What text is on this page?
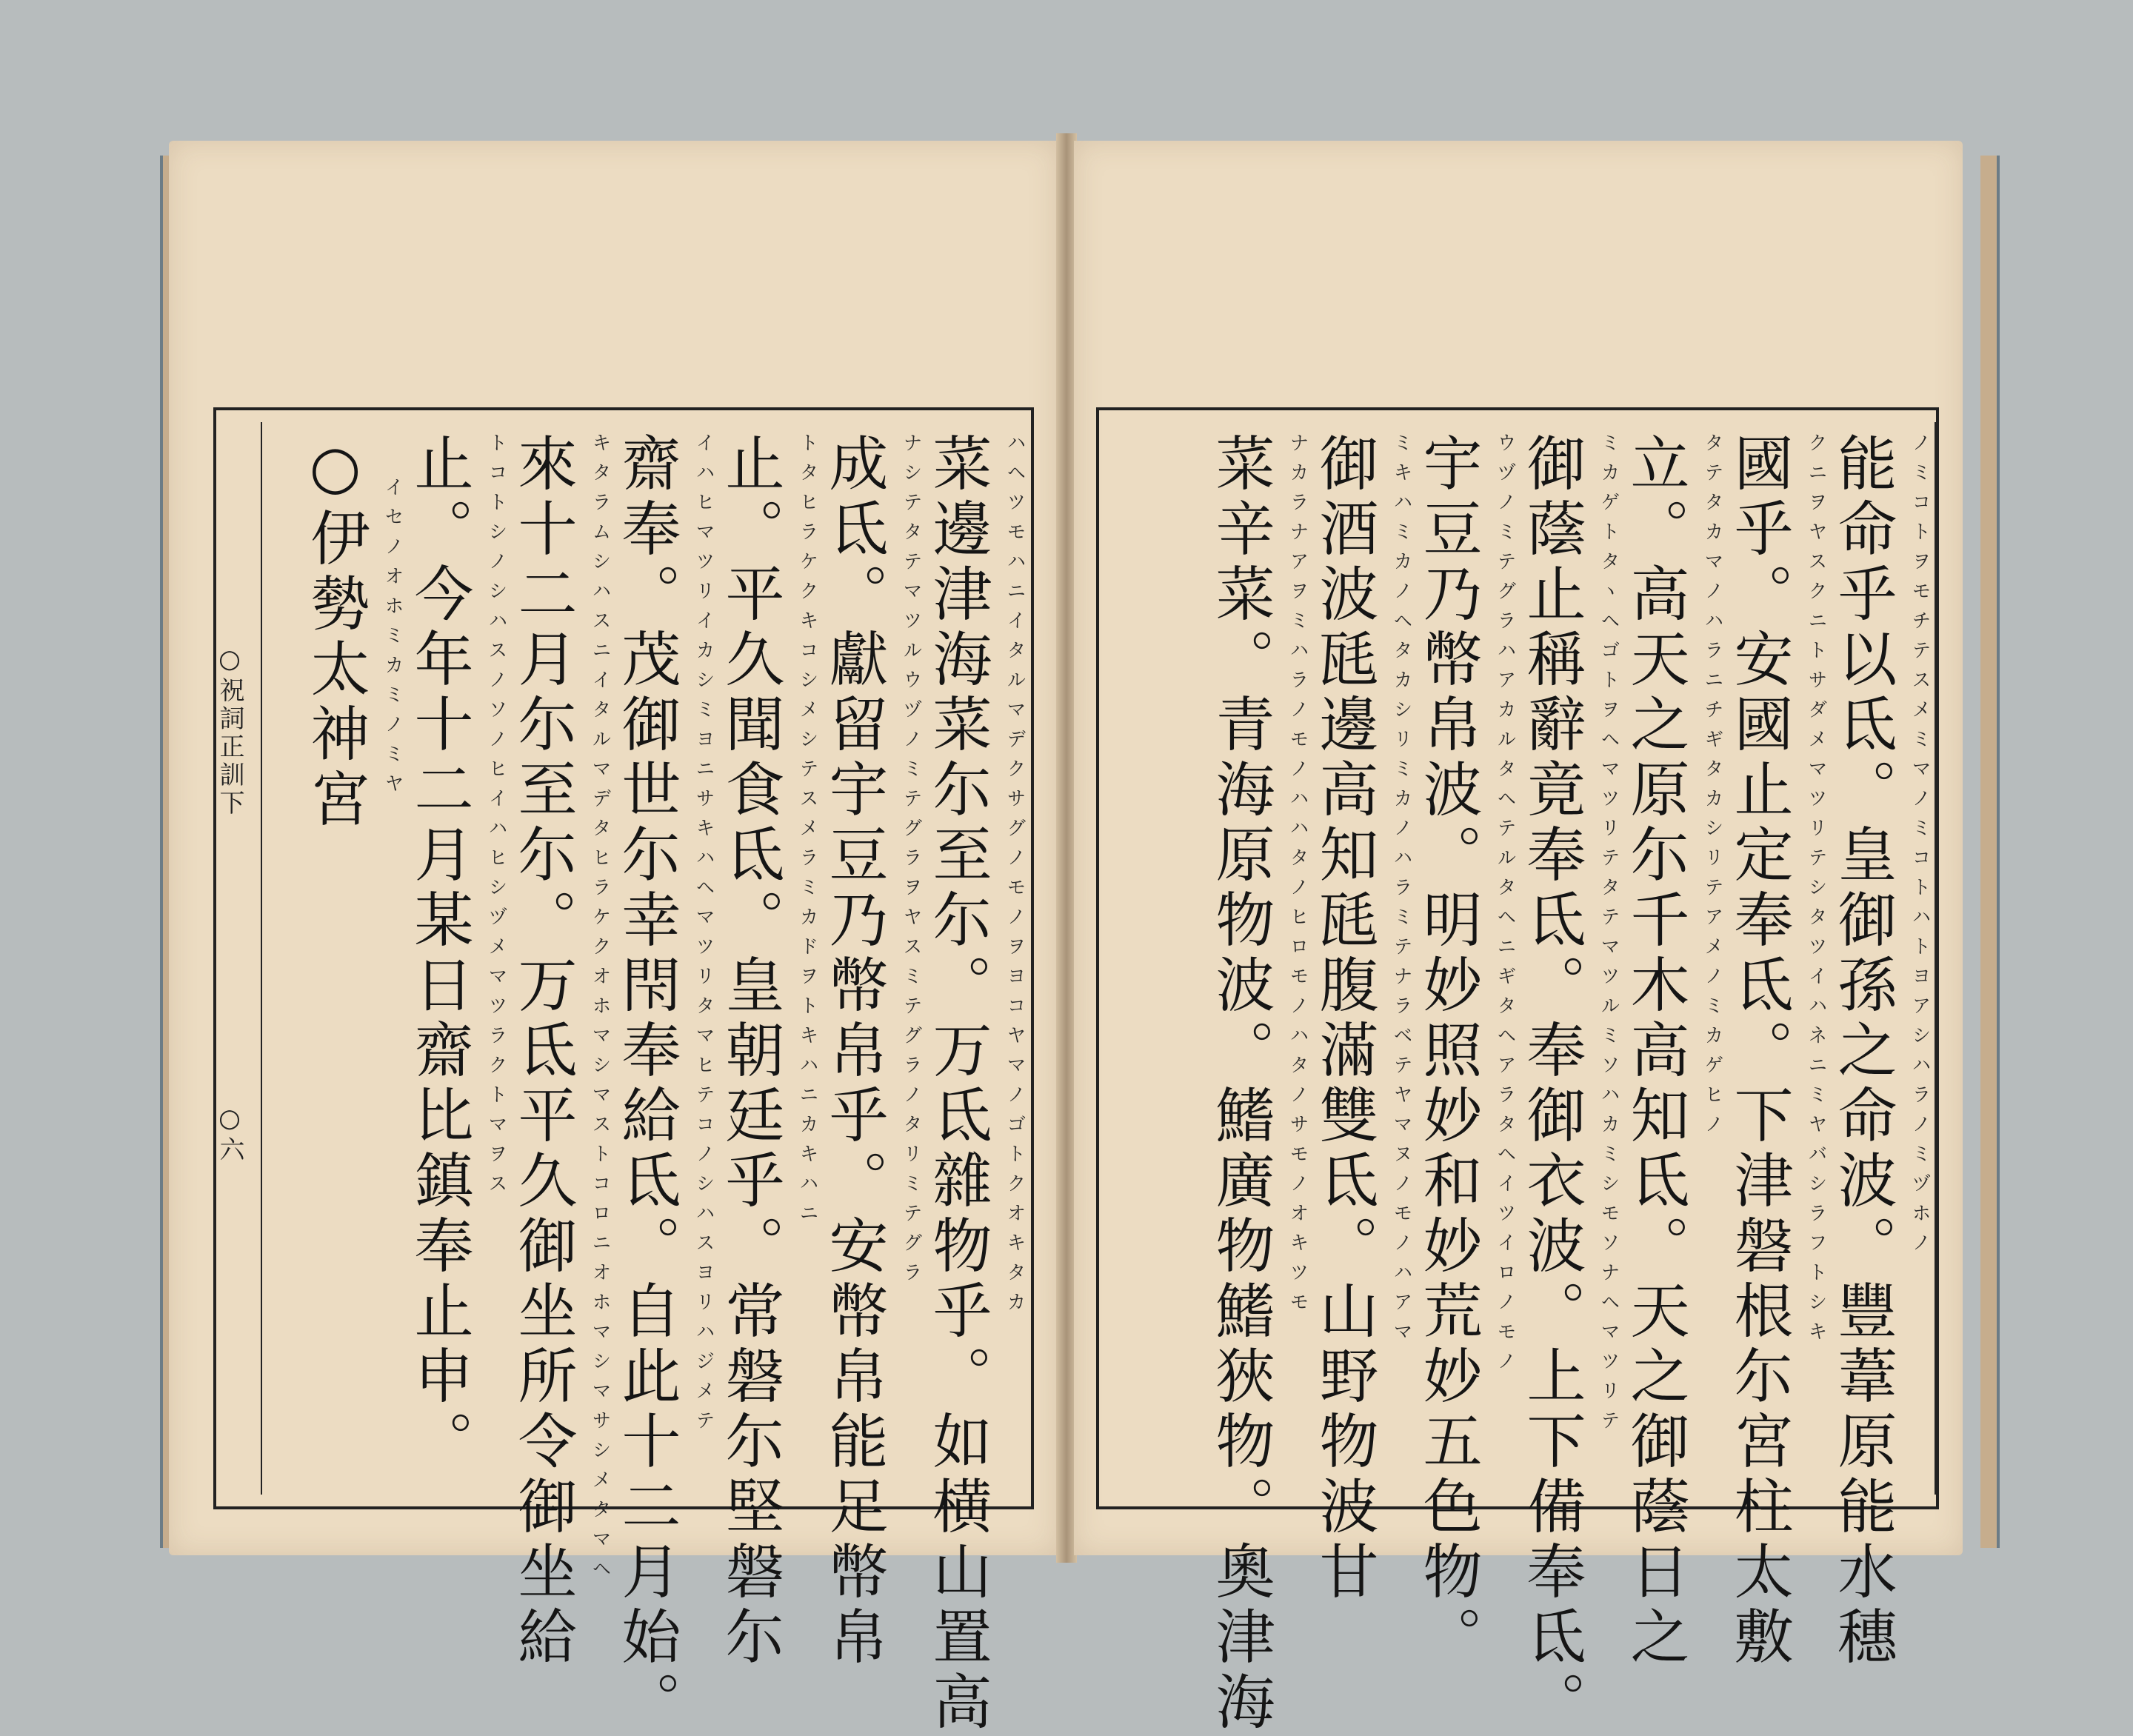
○祝詞正訓下
○六	ハヘツモハニイタルマデクサグノモノヲヨコヤマノゴトクオキタカ
菜邊津海菜尓至尓。万氐雜物乎。如横山置高
ナシテタテマツルウヅノミテグラヲヤスミテグラノタリミテグラ
成氐。獻留宇豆乃幣帛乎。安幣帛能足幣帛
トタヒラケクキコシメシテスメラミカドヲトキハニカキハニ
止。平久聞食氐。皇朝廷乎。常磐尓堅磐尓
イハヒマツリイカシミヨニサキハヘマツリタマヒテコノシハスヨリハジメテ
齋奉。茂御世尓幸閇奉給氐。自此十二月始。
キタラムシハスニイタルマデタヒラケクオホマシマストコロニオホマシマサシメタマヘ
來十二月尓至尓。万氐平久御坐所令御坐給
トコトシノシハスノソノヒイハヒシヅメマツラクトマヲス
止。今年十二月某日齋比鎮奉止申。
イセノオホミカミノミヤ
○伊勢太神宮	ノミコトヲモチテスメミマノミコトハトヨアシハラノミヅホノ
能命乎以氐。皇御孫之命波。豐葦原能水穗
クニヲヤスクニトサダメマツリテシタツイハネニミヤバシラフトシキ
國乎。安國止定奉氐。下津磐根尓宮柱太敷
タテタカマノハラニチギタカシリテアメノミカゲヒノ
立。高天之原尓千木高知氐。天之御蔭日之
ミカゲトタヽヘゴトヲヘマツリテタテマツルミソハカミシモソナヘマツリテ
御蔭止稱辭竟奉氐。奉御衣波。上下備奉氐。
ウヅノミテグラハアカルタヘテルタヘニギタヘアラタヘイツイロノモノ
宇豆乃幣帛波。明妙照妙和妙荒妙五色物。
ミキハミカノヘタカシリミカノハラミテナラベテヤマヌノモノハアマ
御酒波瓱邊高知瓱腹滿雙氐。山野物波甘
ナカラナアヲミハラノモノハハタノヒロモノハタノサモノオキツモ
菜辛菜。青海原物波。鰭廣物鰭狹物。奧津海
